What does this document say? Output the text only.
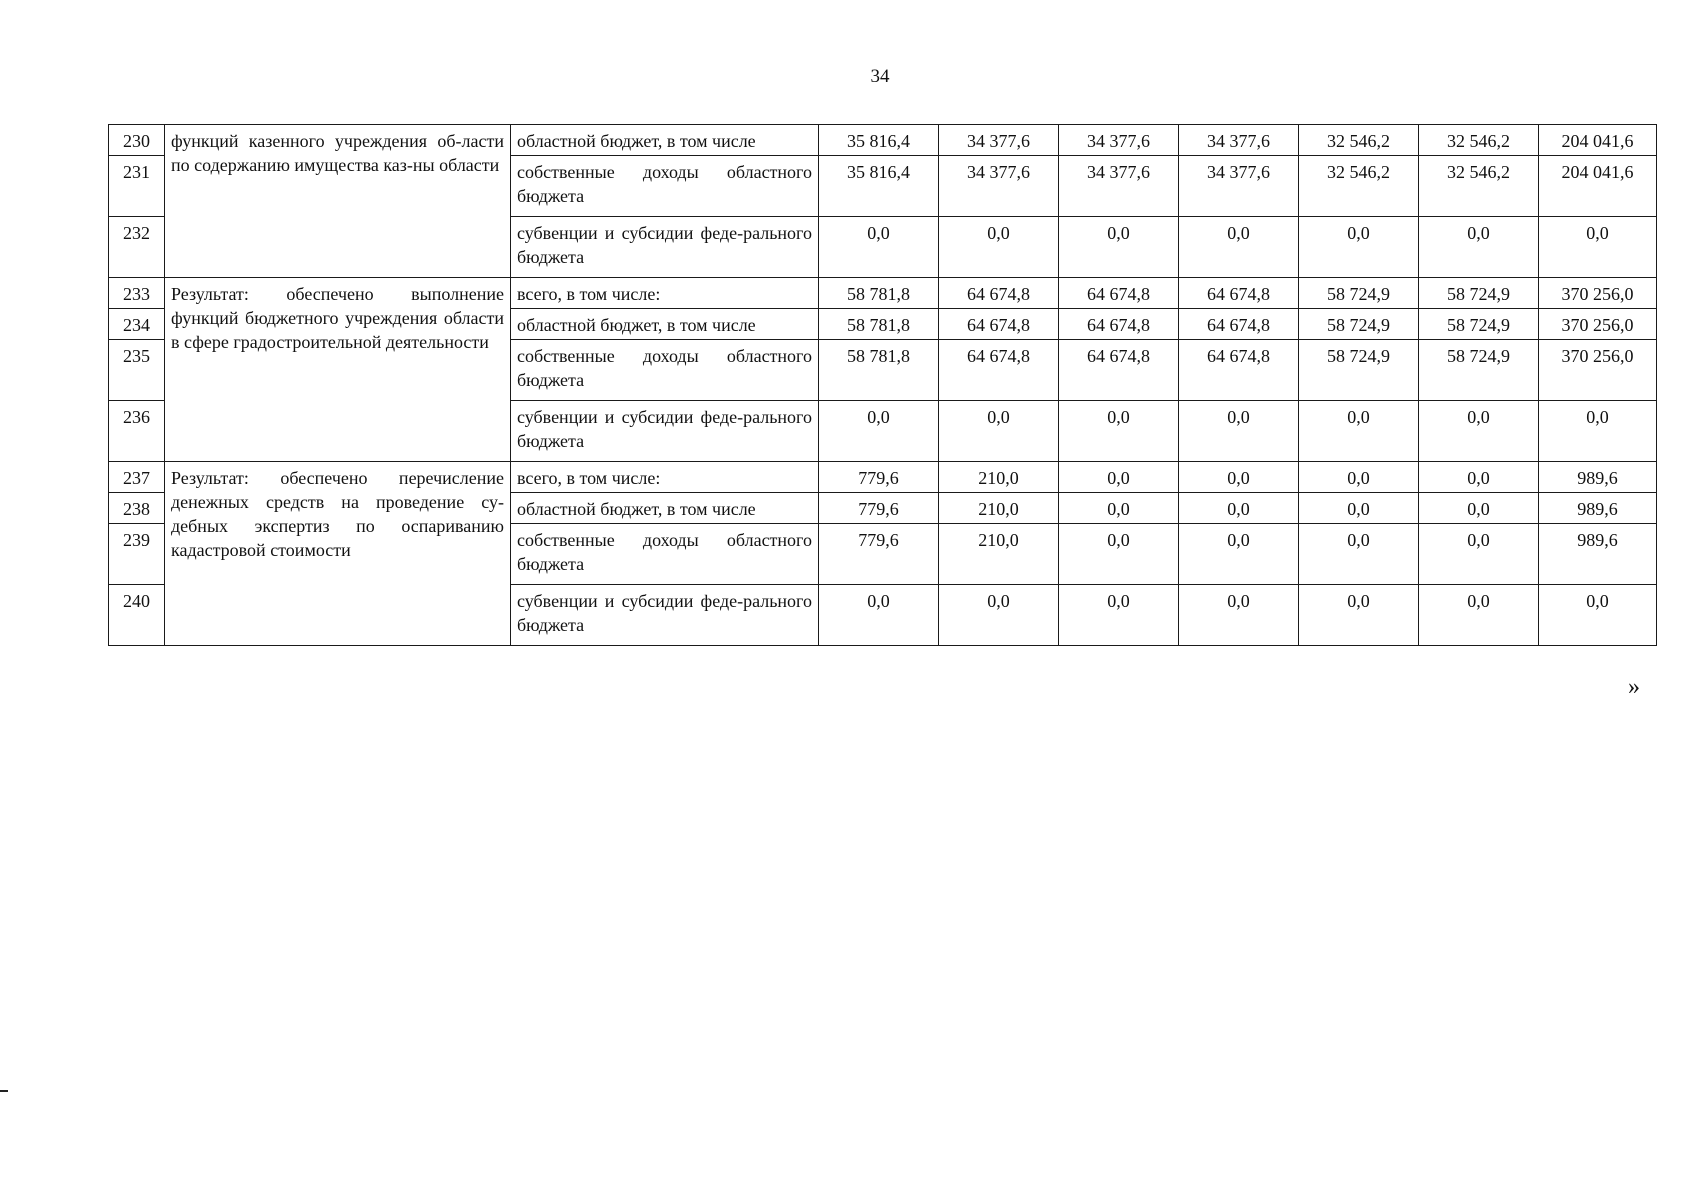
34
230	функций казенного учреждения об-ласти по содержанию имущества каз-ны области	областной бюджет, в том числе	35 816,4	34 377,6	34 377,6	34 377,6	32 546,2	32 546,2	204 041,6
231		собственные доходы областного бюджета	35 816,4	34 377,6	34 377,6	34 377,6	32 546,2	32 546,2	204 041,6
232		субвенции и субсидии феде-рального бюджета	0,0	0,0	0,0	0,0	0,0	0,0	0,0
233	Результат: обеспечено выполнение функций бюджетного учреждения области в сфере градостроительной деятельности	всего, в том числе:	58 781,8	64 674,8	64 674,8	64 674,8	58 724,9	58 724,9	370 256,0
234		областной бюджет, в том числе	58 781,8	64 674,8	64 674,8	64 674,8	58 724,9	58 724,9	370 256,0
235		собственные доходы областного бюджета	58 781,8	64 674,8	64 674,8	64 674,8	58 724,9	58 724,9	370 256,0
236		субвенции и субсидии феде-рального бюджета	0,0	0,0	0,0	0,0	0,0	0,0	0,0
237	Результат: обеспечено перечисление денежных средств на проведение су-дебных экспертиз по оспариванию кадастровой стоимости	всего, в том числе:	779,6	210,0	0,0	0,0	0,0	0,0	989,6
238		областной бюджет, в том числе	779,6	210,0	0,0	0,0	0,0	0,0	989,6
239		собственные доходы областного бюджета	779,6	210,0	0,0	0,0	0,0	0,0	989,6
240		субвенции и субсидии феде-рального бюджета	0,0	0,0	0,0	0,0	0,0	0,0	0,0
»
